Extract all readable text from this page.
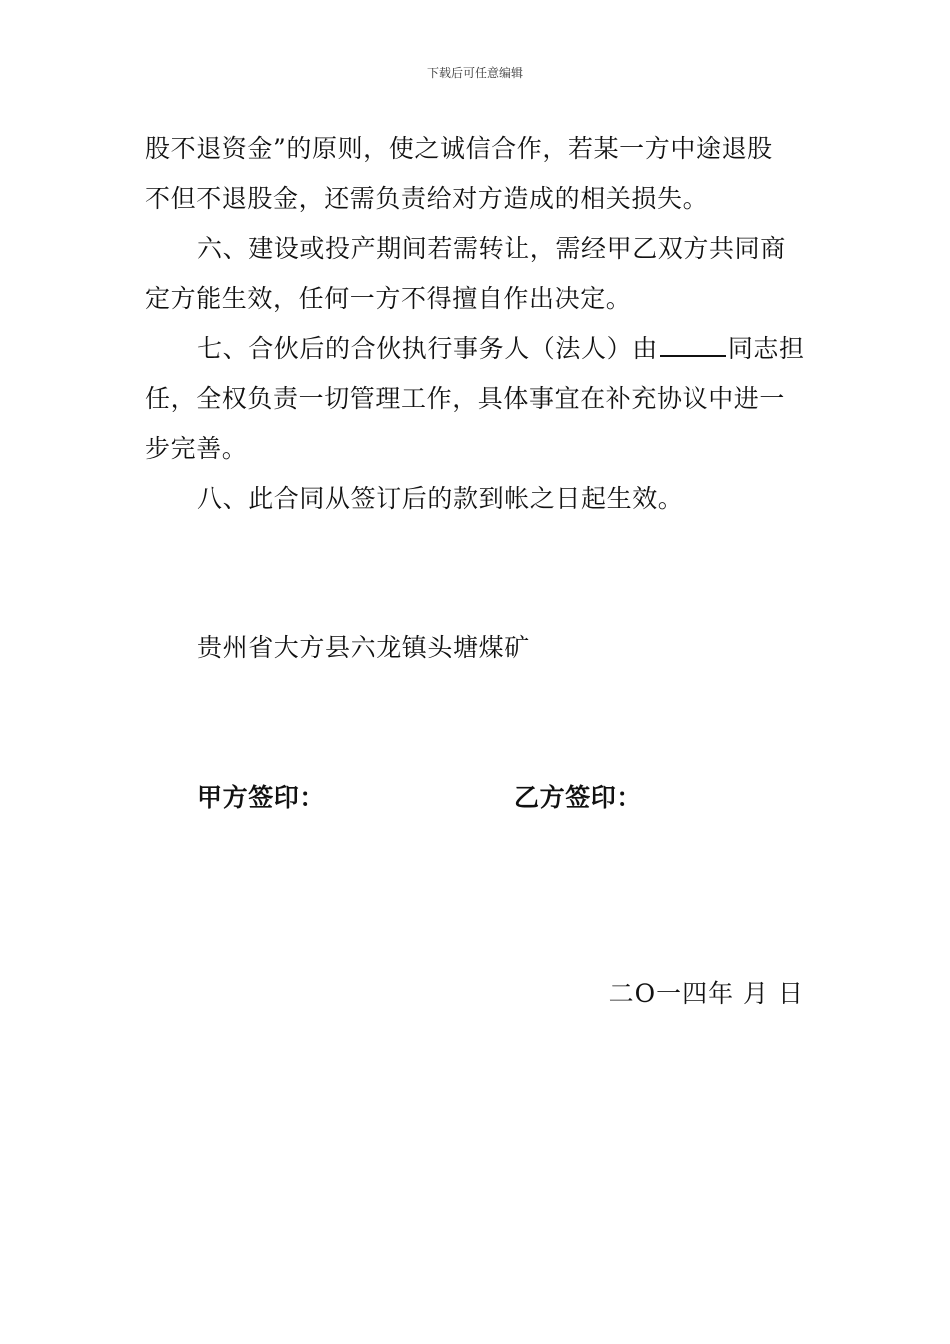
下载后可任意编辑
股不退资金”的原则，使之诚信合作，若某一方中途退股
不但不退股金，还需负责给对方造成的相关损失。
六、建设或投产期间若需转让，需经甲乙双方共同商
定方能生效，任何一方不得擅自作出决定。
七、合伙后的合伙执行事务人（法人）由	同志担
任，全权负责一切管理工作，具体事宜在补充协议中进一
步完善。
八、此合同从签订后的款到帐之日起生效。
贵州省大方县六龙镇头塘煤矿
甲方签印：	乙方签印：
二O一四年 月 日
